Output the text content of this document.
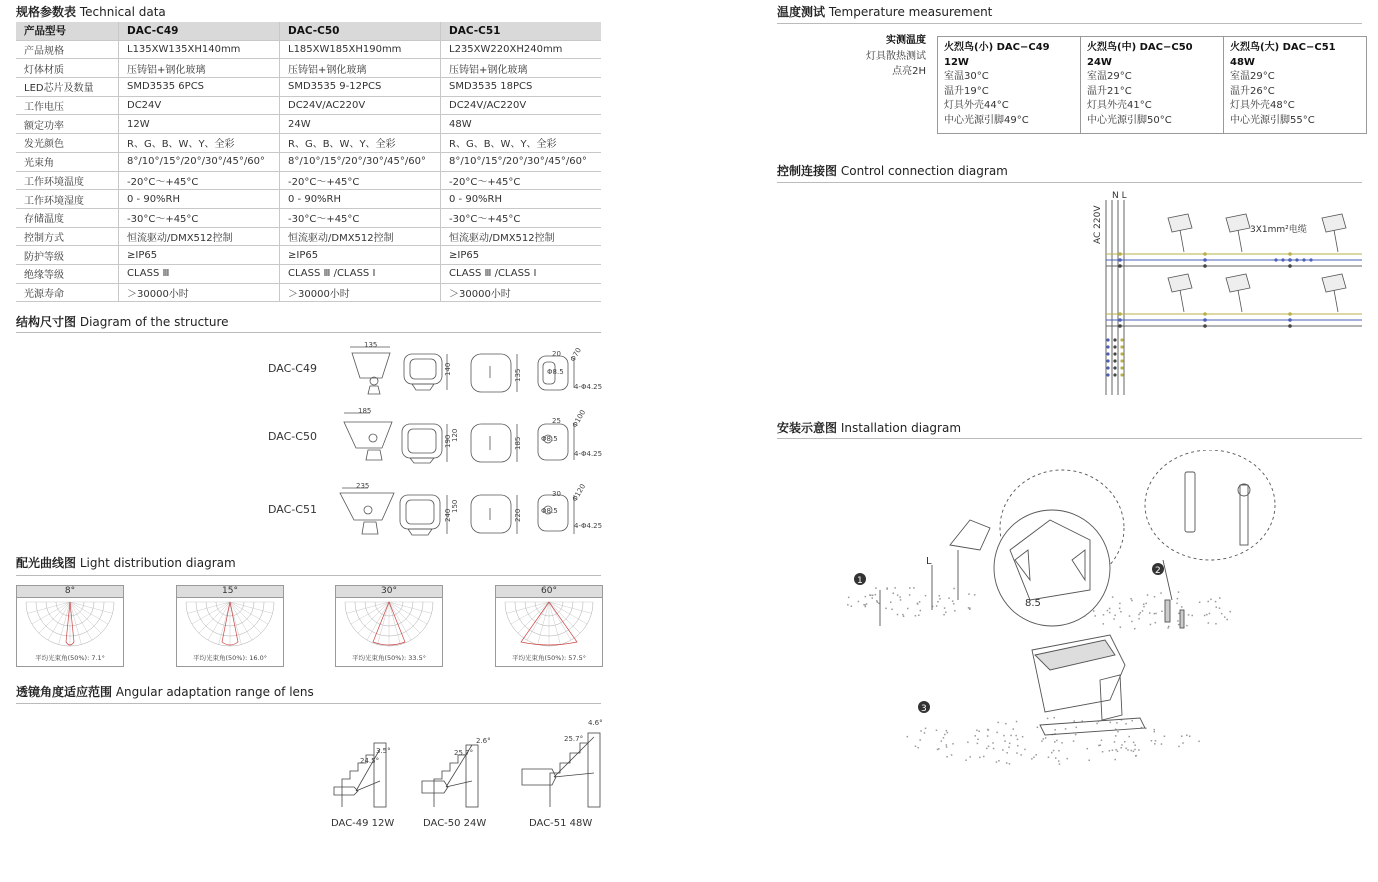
规格参数表 Technical data
产品型号	DAC-C49	DAC-C50	DAC-C51
产品规格	L135XW135XH140mm	L185XW185XH190mm	L235XW220XH240mm
灯体材质	压铸铝+钢化玻璃	压铸铝+钢化玻璃	压铸铝+钢化玻璃
LED芯片及数量	SMD3535 6PCS	SMD3535 9-12PCS	SMD3535 18PCS
工作电压	DC24V	DC24V/AC220V	DC24V/AC220V
额定功率	12W	24W	48W
发光颜色	R、G、B、W、Y、全彩	R、G、B、W、Y、全彩	R、G、B、W、Y、全彩
光束角	8°/10°/15°/20°/30°/45°/60°	8°/10°/15°/20°/30°/45°/60°	8°/10°/15°/20°/30°/45°/60°
工作环境温度	-20°C～+45°C	-20°C～+45°C	-20°C～+45°C
工作环境湿度	0 - 90%RH	0 - 90%RH	0 - 90%RH
存储温度	-30°C～+45°C	-30°C～+45°C	-30°C～+45°C
控制方式	恒流驱动/DMX512控制	恒流驱动/DMX512控制	恒流驱动/DMX512控制
防护等级	≥IP65	≥IP65	≥IP65
绝缘等级	CLASS Ⅲ	CLASS Ⅲ /CLASS Ⅰ	CLASS Ⅲ /CLASS Ⅰ
光源寿命	＞30000小时	＞30000小时	＞30000小时
结构尺寸图 Diagram of the structure
DAC-C49
DAC-C50
DAC-C51
135
185
235
140
190 120
240
150
135
185
220
20
25
30
Φ70
Φ100
Φ120
Φ8.5
Φ8.5
Φ8.5
4-Φ4.25
4-Φ4.25
4-Φ4.25
配光曲线图 Light distribution diagram
8°
平均光束角(50%): 7.1°
15°
平均光束角(50%): 16.0°
30°
平均光束角(50%): 33.5°
60°
平均光束角(50%): 57.5°
透镜角度适应范围 Angular adaptation range of lens
24.5°
3.5°	25.7°
2.6°	25.7°
4.6°
DAC-49 12W	DAC-50 24W	DAC-51 48W
温度测试 Temperature measurement
实测温度
灯具散热测试
点亮2H
火烈鸟(小) DAC−C49 12W
室温30°C
温升19°C
灯具外壳44°C
中心光源引脚49°C

火烈鸟(中) DAC−C50 24W
室温29°C
温升21°C
灯具外壳41°C
中心光源引脚50°C

火烈鸟(大) DAC−C51 48W
室温29°C
温升26°C
灯具外壳48°C
中心光源引脚55°C
控制连接图 Control connection diagram
N L
AC 220V	3X1mm²电缆
安装示意图 Installation diagram
L
8.5
1
2
3
